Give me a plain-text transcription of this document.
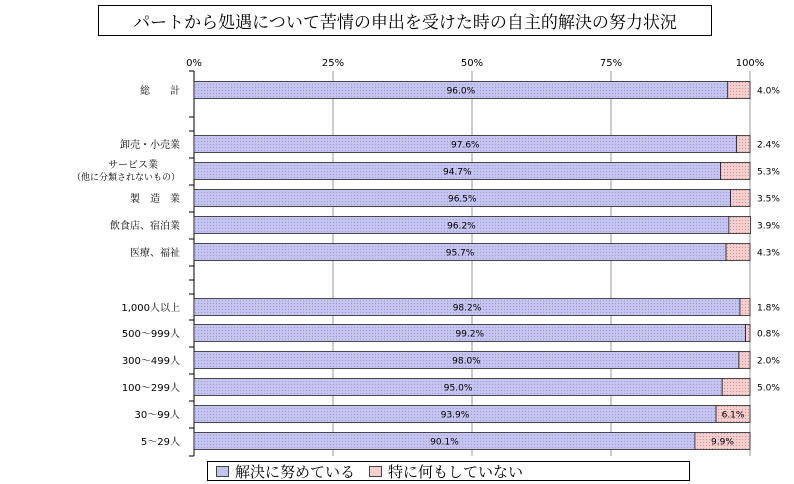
0%	25%	50%	75%	100%
96.0%	4.0%
総　　計
97.6%	2.4%
卸売・小売業
94.7%	5.3%
サービス業
（他に分類されないもの）
96.5%	3.5%
製　造　業
96.2%	3.9%
飲食店、宿泊業
95.7%	4.3%
医療、福祉
98.2%	1.8%
1,000人以上
99.2%	0.8%
500～999人
98.0%	2.0%
300～499人
95.0%	5.0%
100～299人
93.9%	6.1%
30～99人
90.1%	9.9%
5～29人
パートから処遇について苦情の申出を受けた時の自主的解決の努力状況
解決に努めている 特に何もしていない
